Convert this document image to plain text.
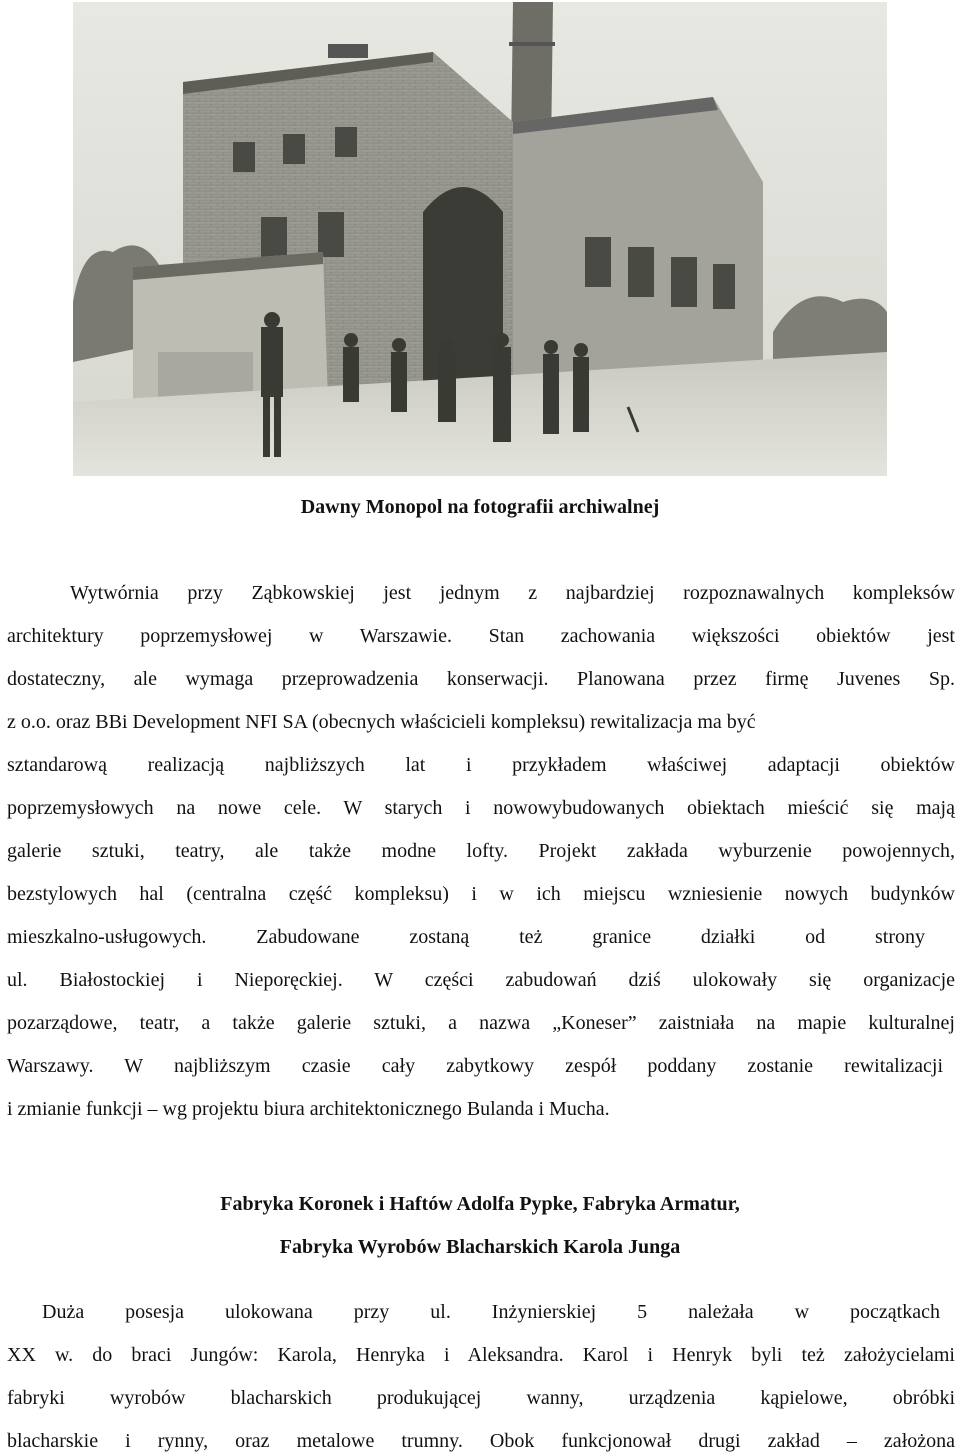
Dawny Monopol na fotografii archiwalnej
Wytwórnia przy Ząbkowskiej jest jednym z najbardziej rozpoznawalnych kompleksów
architektury poprzemysłowej w Warszawie. Stan zachowania większości obiektów jest
dostateczny, ale wymaga przeprowadzenia konserwacji. Planowana przez firmę Juvenes Sp.
z o.o. oraz BBi Development NFI SA (obecnych właścicieli kompleksu) rewitalizacja ma być
sztandarową realizacją najbliższych lat i przykładem właściwej adaptacji obiektów
poprzemysłowych na nowe cele. W starych i nowowybudowanych obiektach mieścić się mają
galerie sztuki, teatry, ale także modne lofty. Projekt zakłada wyburzenie powojennych,
bezstylowych hal (centralna część kompleksu) i w ich miejscu wzniesienie nowych budynków
mieszkalno-usługowych. Zabudowane zostaną też granice działki od strony
ul. Białostockiej i Nieporęckiej. W części zabudowań dziś ulokowały się organizacje
pozarządowe, teatr, a także galerie sztuki, a nazwa „Koneser” zaistniała na mapie kulturalnej
Warszawy. W najbliższym czasie cały zabytkowy zespół poddany zostanie rewitalizacji
i zmianie funkcji – wg projektu biura architektonicznego Bulanda i Mucha.
Fabryka Koronek i Haftów Adolfa Pypke, Fabryka Armatur,
Fabryka Wyrobów Blacharskich Karola Junga
Duża posesja ulokowana przy ul. Inżynierskiej 5 należała w początkach
XX w. do braci Jungów: Karola, Henryka i Aleksandra. Karol i Henryk byli też założycielami
fabryki wyrobów blacharskich produkującej wanny, urządzenia kąpielowe, obróbki
blacharskie i rynny, oraz metalowe trumny. Obok funkcjonował drugi zakład – założona
